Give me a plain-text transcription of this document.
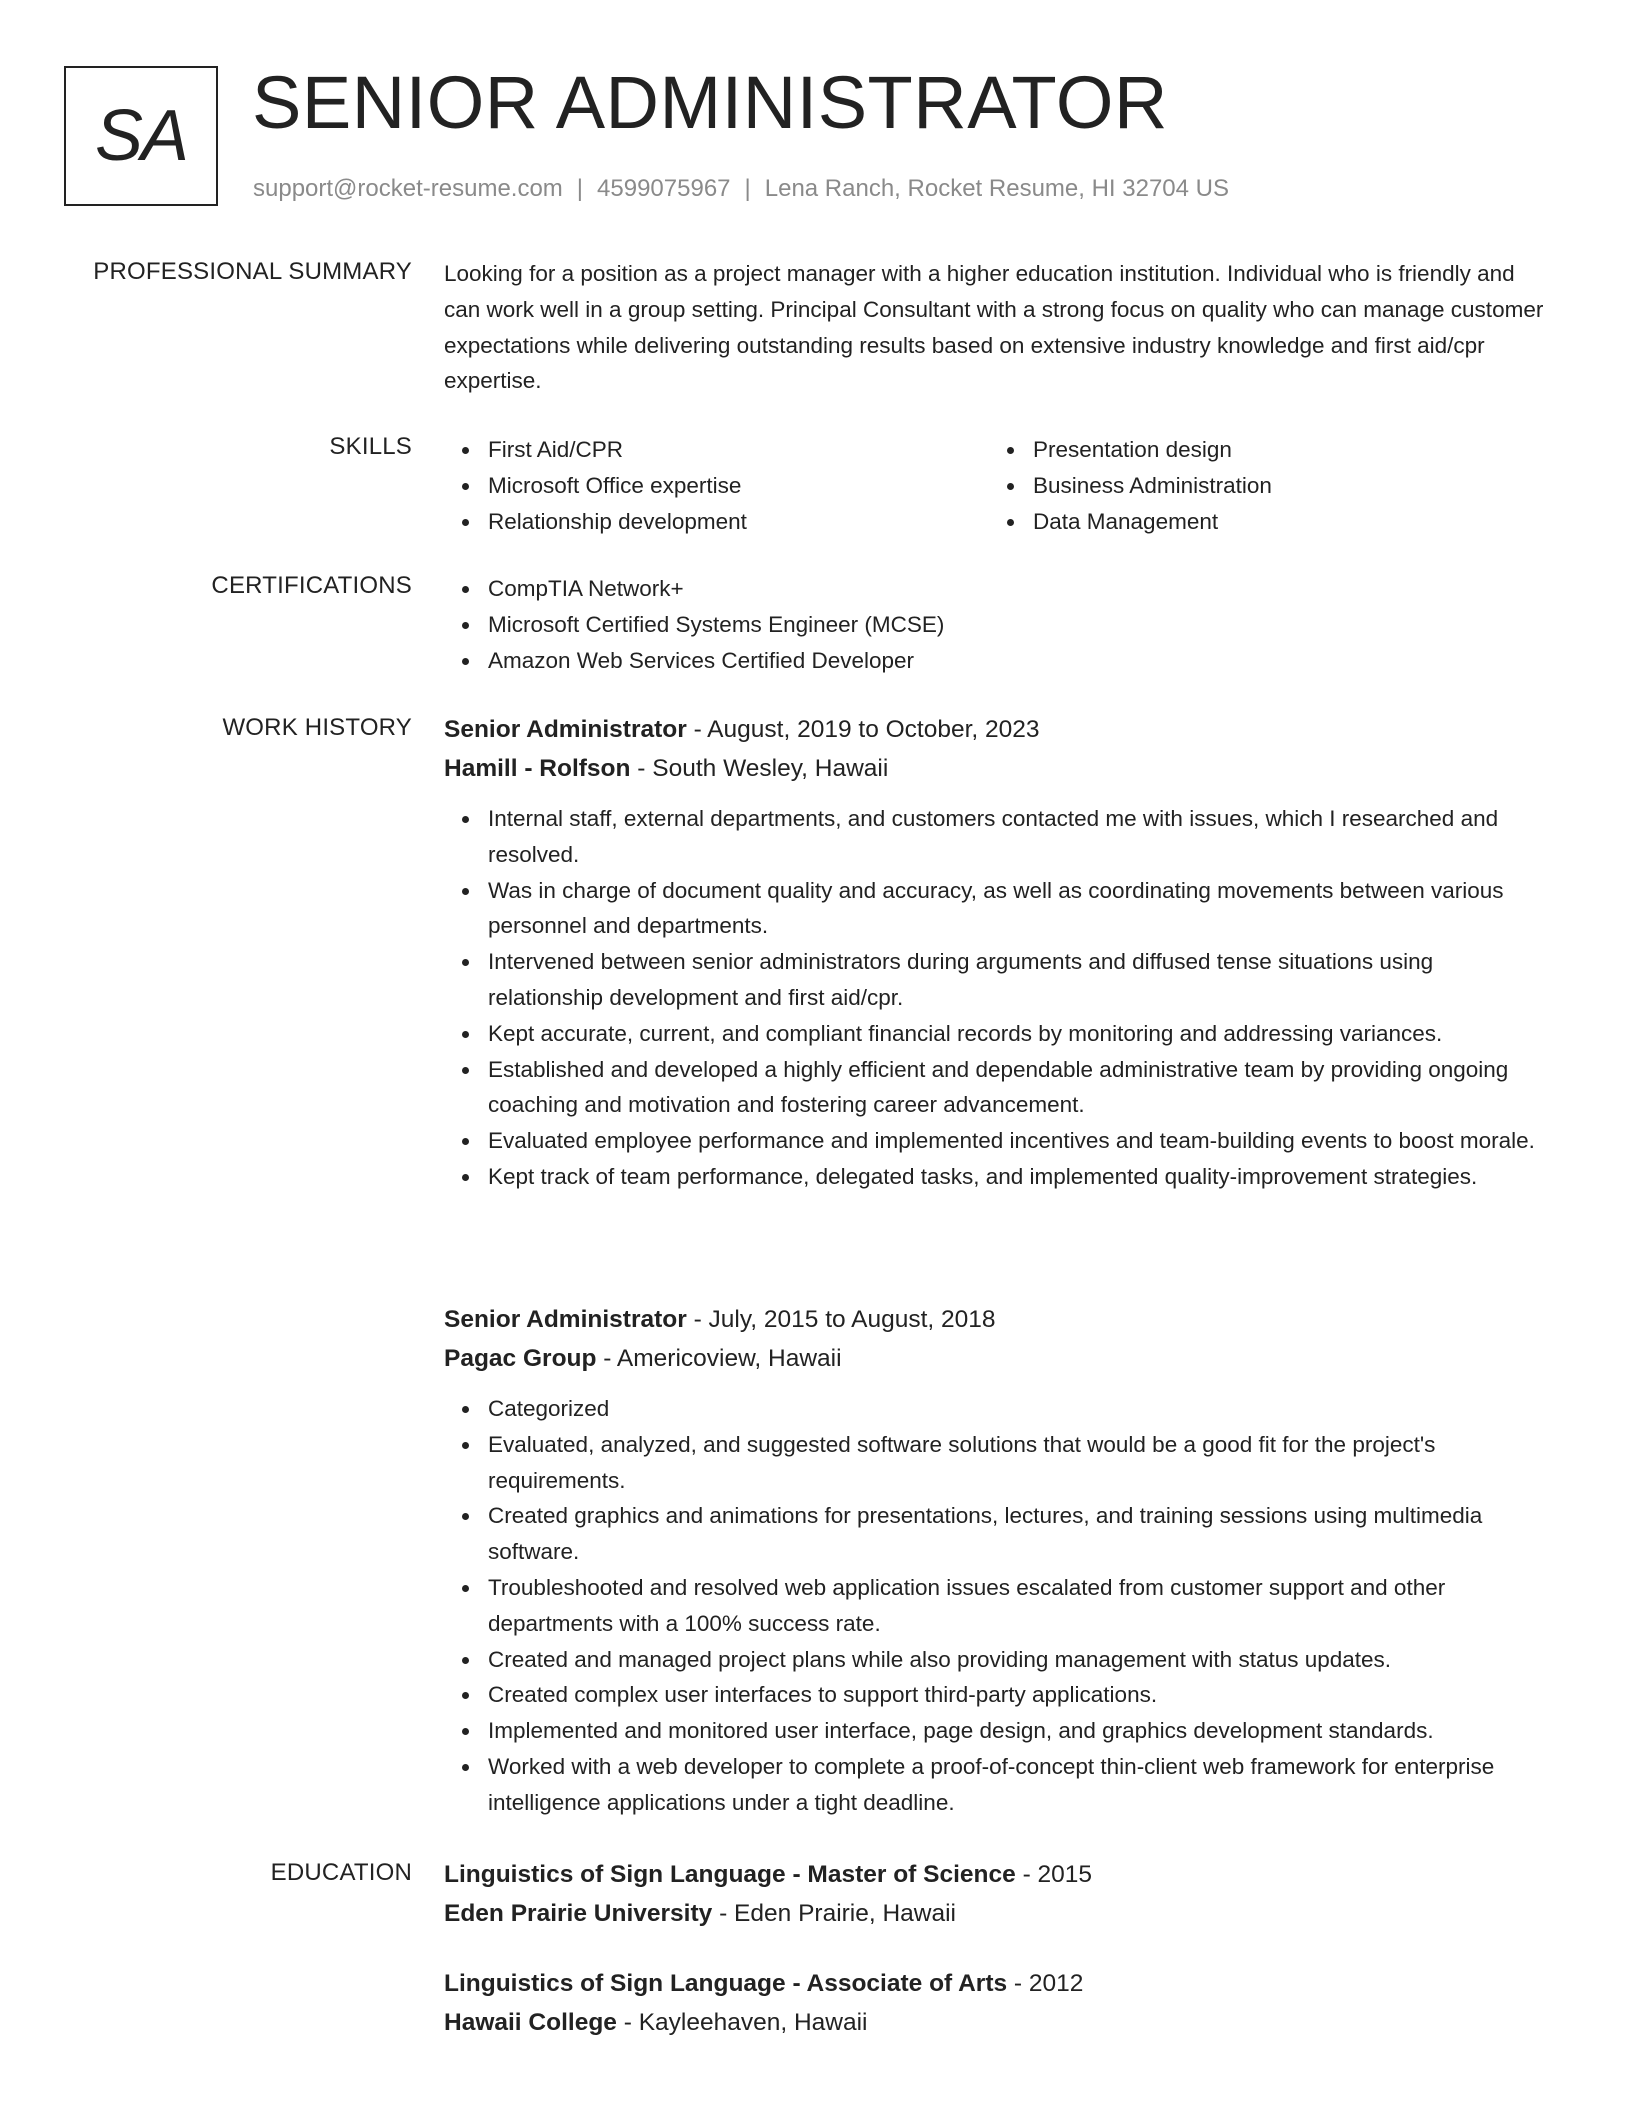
SA SENIOR ADMINISTRATOR
support@rocket-resume.com | 4599075967 | Lena Ranch, Rocket Resume, HI 32704 US
PROFESSIONAL SUMMARY Looking for a position as a project manager with a higher education institution. Individual who is friendly and can work well in a group setting. Principal Consultant with a strong focus on quality who can manage customer expectations while delivering outstanding results based on extensive industry knowledge and first aid/cpr expertise.

SKILLS	First Aid/CPR
Microsoft Office expertise
Relationship development
Presentation design
Business Administration
Data Management
CERTIFICATIONS	CompTIA Network+
Microsoft Certified Systems Engineer (MCSE)
Amazon Web Services Certified Developer
WORK HISTORY Senior Administrator - August, 2019 to October, 2023
Hamill - Rolfson - South Wesley, Hawaii
Internal staff, external departments, and customers contacted me with issues, which I researched and resolved.
Was in charge of document quality and accuracy, as well as coordinating movements between various personnel and departments.
Intervened between senior administrators during arguments and diffused tense situations using relationship development and first aid/cpr.
Kept accurate, current, and compliant financial records by monitoring and addressing variances.
Established and developed a highly efficient and dependable administrative team by providing ongoing coaching and motivation and fostering career advancement.
Evaluated employee performance and implemented incentives and team-building events to boost morale.
Kept track of team performance, delegated tasks, and implemented quality-improvement strategies.
Senior Administrator - July, 2015 to August, 2018
Pagac Group - Americoview, Hawaii
Categorized
Evaluated, analyzed, and suggested software solutions that would be a good fit for the project's requirements.
Created graphics and animations for presentations, lectures, and training sessions using multimedia software.
Troubleshooted and resolved web application issues escalated from customer support and other departments with a 100% success rate.
Created and managed project plans while also providing management with status updates.
Created complex user interfaces to support third-party applications.
Implemented and monitored user interface, page design, and graphics development standards.
Worked with a web developer to complete a proof-of-concept thin-client web framework for enterprise intelligence applications under a tight deadline.
EDUCATION Linguistics of Sign Language - Master of Science - 2015
Eden Prairie University - Eden Prairie, Hawaii
Linguistics of Sign Language - Associate of Arts - 2012
Hawaii College - Kayleehaven, Hawaii
